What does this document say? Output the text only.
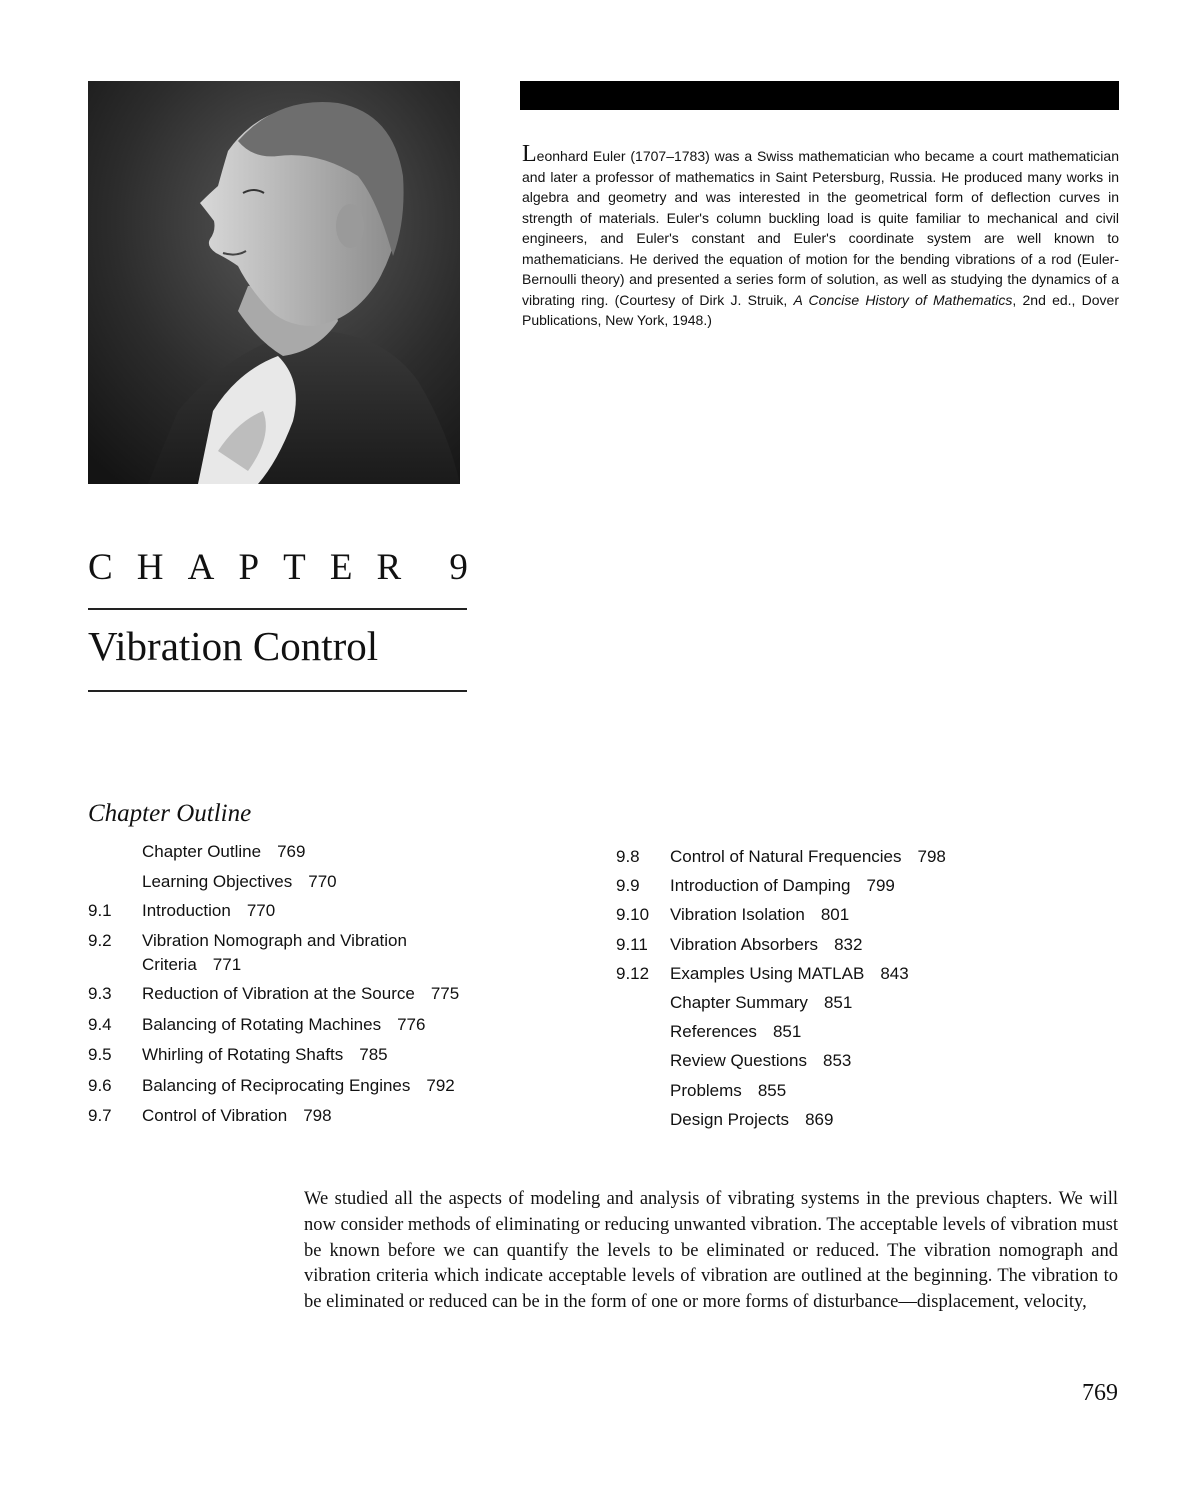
Leonhard Euler (1707–1783) was a Swiss mathematician who became a court mathematician and later a professor of mathematics in Saint Petersburg, Russia. He produced many works in algebra and geometry and was interested in the geometrical form of deflection curves in strength of materials. Euler's column buckling load is quite familiar to mechanical and civil engineers, and Euler's constant and Euler's coordinate system are well known to mathematicians. He derived the equation of motion for the bending vibrations of a rod (Euler-Bernoulli theory) and presented a series form of solution, as well as studying the dynamics of a vibrating ring. (Courtesy of Dirk J. Struik, A Concise History of Mathematics, 2nd ed., Dover Publications, New York, 1948.)
C H A P T E R 9
Vibration Control
Chapter Outline
Chapter Outline 769
Learning Objectives 770
9.1 Introduction 770
9.2 Vibration Nomograph and Vibration
Criteria 771
9.3 Reduction of Vibration at the Source 775
9.4 Balancing of Rotating Machines 776
9.5 Whirling of Rotating Shafts 785
9.6 Balancing of Reciprocating Engines 792
9.7 Control of Vibration 798
9.8 Control of Natural Frequencies 798
9.9 Introduction of Damping 799
9.10 Vibration Isolation 801
9.11 Vibration Absorbers 832
9.12 Examples Using MATLAB 843
Chapter Summary 851
References 851
Review Questions 853
Problems 855
Design Projects 869
We studied all the aspects of modeling and analysis of vibrating systems in the previous chapters. We will now consider methods of eliminating or reducing unwanted vibration. The acceptable levels of vibration must be known before we can quantify the levels to be eliminated or reduced. The vibration nomograph and vibration criteria which indicate acceptable levels of vibration are outlined at the beginning. The vibration to be eliminated or reduced can be in the form of one or more forms of disturbance—displacement, velocity,
769
